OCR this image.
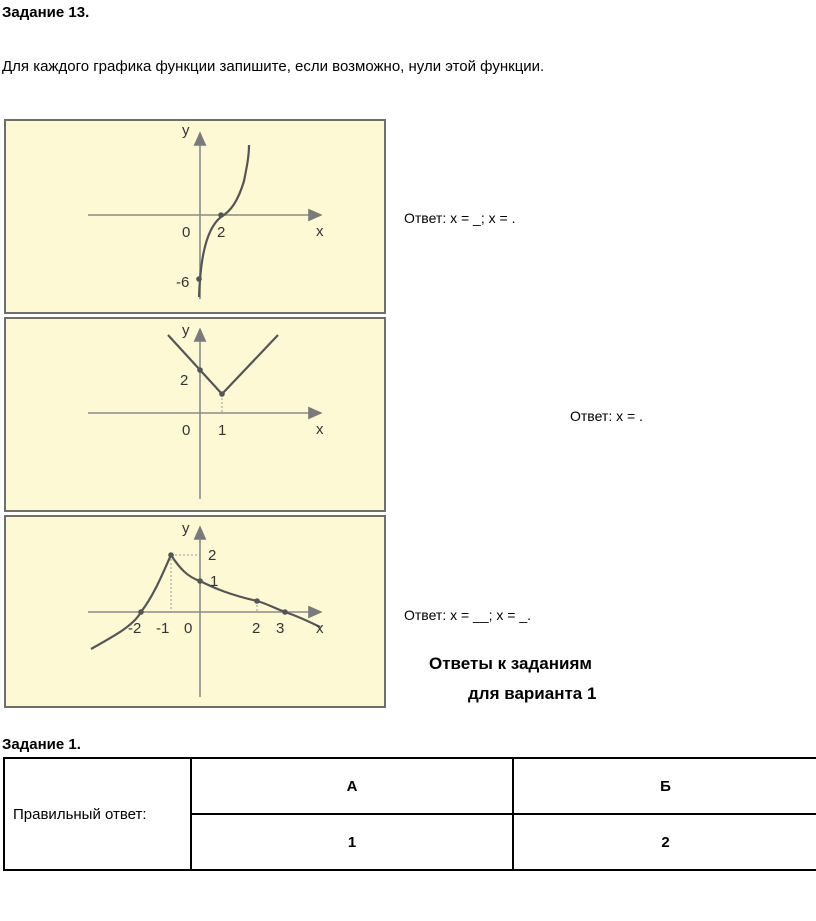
Задание 13.
Для каждого графика функции запишите, если возможно, нули этой функции.
y
x
0 2
-6
Ответ: х = _; х = .
y
x
0 1
2
Ответ: х = .
y
x
0
-2 -1	2 3
2
1
Ответ: х = __; х = _.
Ответы к заданиям
для варианта 1
Задание 1.
Правильный ответ:	А	Б
	1	2
